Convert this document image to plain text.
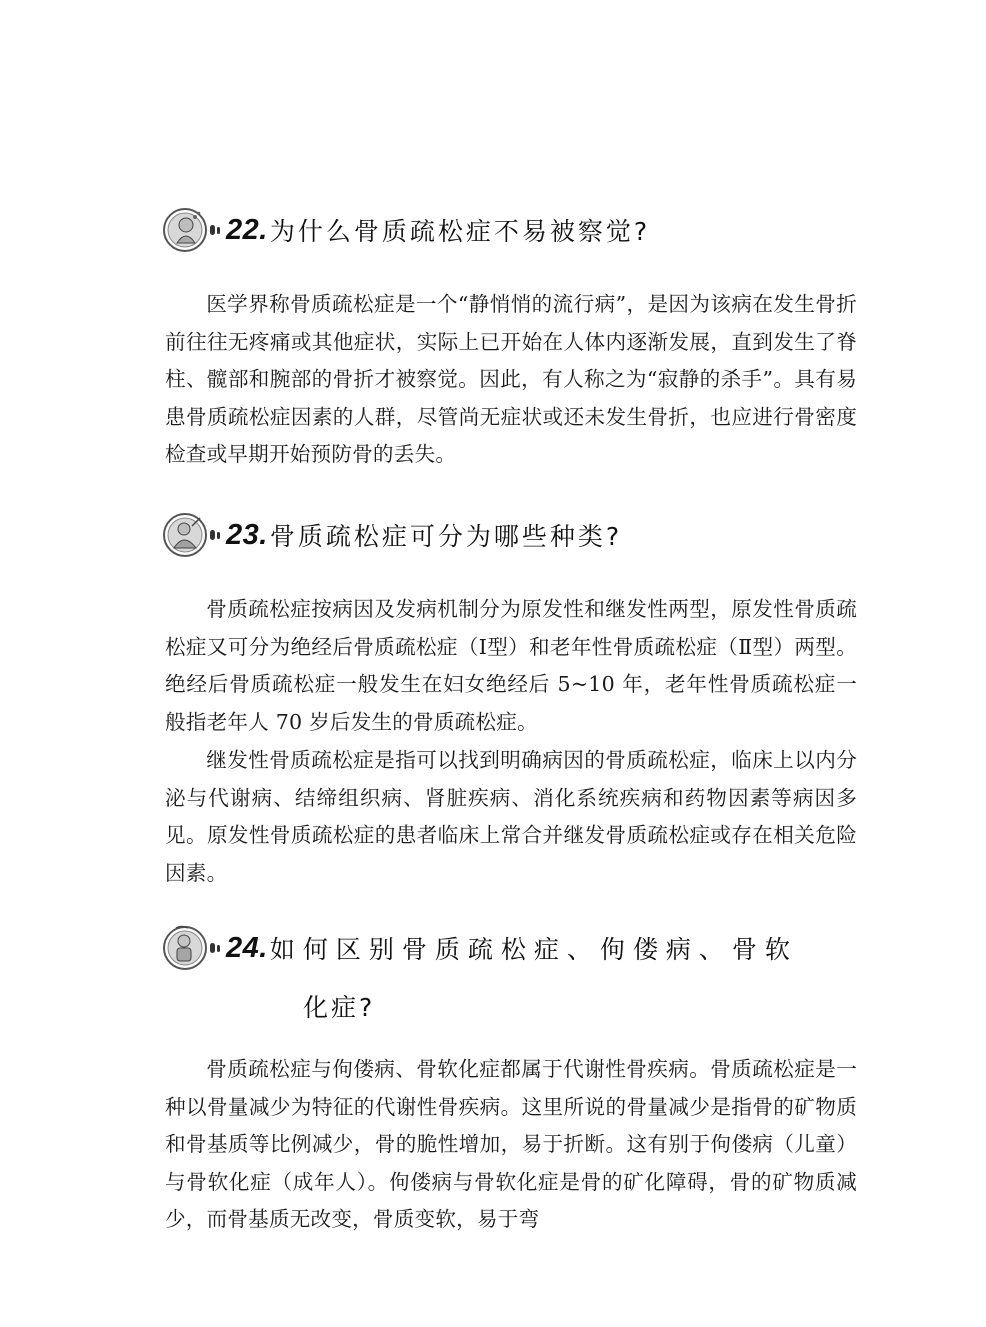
22. 为什么骨质疏松症不易被察觉?

医学界称骨质疏松症是一个“静悄悄的流行病”，是因为该病在发生骨折前往往无疼痛或其他症状，实际上已开始在人体内逐渐发展，直到发生了脊柱、髋部和腕部的骨折才被察觉。因此，有人称之为“寂静的杀手”。具有易患骨质疏松症因素的人群，尽管尚无症状或还未发生骨折，也应进行骨密度检查或早期开始预防骨的丢失。

23. 骨质疏松症可分为哪些种类?

骨质疏松症按病因及发病机制分为原发性和继发性两型，原发性骨质疏松症又可分为绝经后骨质疏松症（Ⅰ型）和老年性骨质疏松症（Ⅱ型）两型。绝经后骨质疏松症一般发生在妇女绝经后 5~10 年，老年性骨质疏松症一般指老年人 70 岁后发生的骨质疏松症。

继发性骨质疏松症是指可以找到明确病因的骨质疏松症，临床上以内分泌与代谢病、结缔组织病、肾脏疾病、消化系统疾病和药物因素等病因多见。原发性骨质疏松症的患者临床上常合并继发骨质疏松症或存在相关危险因素。

24. 如何区别骨质疏松症、佝偻病、骨软
化症?

骨质疏松症与佝偻病、骨软化症都属于代谢性骨疾病。骨质疏松症是一种以骨量减少为特征的代谢性骨疾病。这里所说的骨量减少是指骨的矿物质和骨基质等比例减少，骨的脆性增加，易于折断。这有别于佝偻病（儿童）与骨软化症（成年人）。佝偻病与骨软化症是骨的矿化障碍，骨的矿物质减少，而骨基质无改变，骨质变软，易于弯
